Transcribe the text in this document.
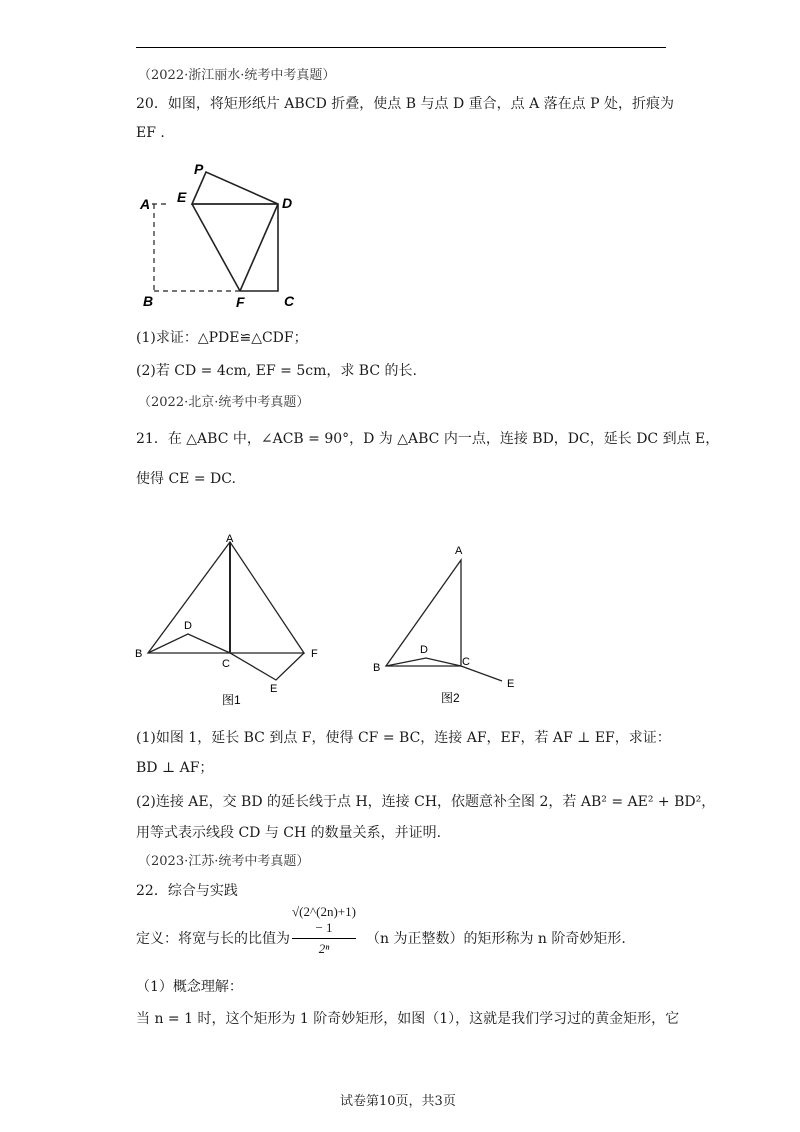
（2022·浙江丽水·统考中考真题）
20．如图，将矩形纸片 ABCD 折叠，使点 B 与点 D 重合，点 A 落在点 P 处，折痕为
EF .
P
E
A	D
B	F	C
(1)求证：△PDE≌△CDF；
(2)若 CD = 4cm, EF = 5cm，求 BC 的长.
（2022·北京·统考中考真题）
21．在 △ABC 中，∠ACB = 90°，D 为 △ABC 内一点，连接 BD，DC，延长 DC 到点 E，
使得 CE = DC.
A
D
B
C
F
E
图1
A
D
B	C
E
图2
(1)如图 1，延长 BC 到点 F，使得 CF = BC，连接 AF，EF，若 AF ⊥ EF，求证：
BD ⊥ AF；
(2)连接 AE，交 BD 的延长线于点 H，连接 CH，依题意补全图 2，若 AB² = AE² + BD²，
用等式表示线段 CD 与 CH 的数量关系，并证明.
（2023·江苏·统考中考真题）
22．综合与实践
定义：将宽与长的比值为
√(2^(2n)+1) − 1
2ⁿ
（n 为正整数）的矩形称为 n 阶奇妙矩形.
（1）概念理解：
当 n = 1 时，这个矩形为 1 阶奇妙矩形，如图（1），这就是我们学习过的黄金矩形，它
试卷第10页，共3页
